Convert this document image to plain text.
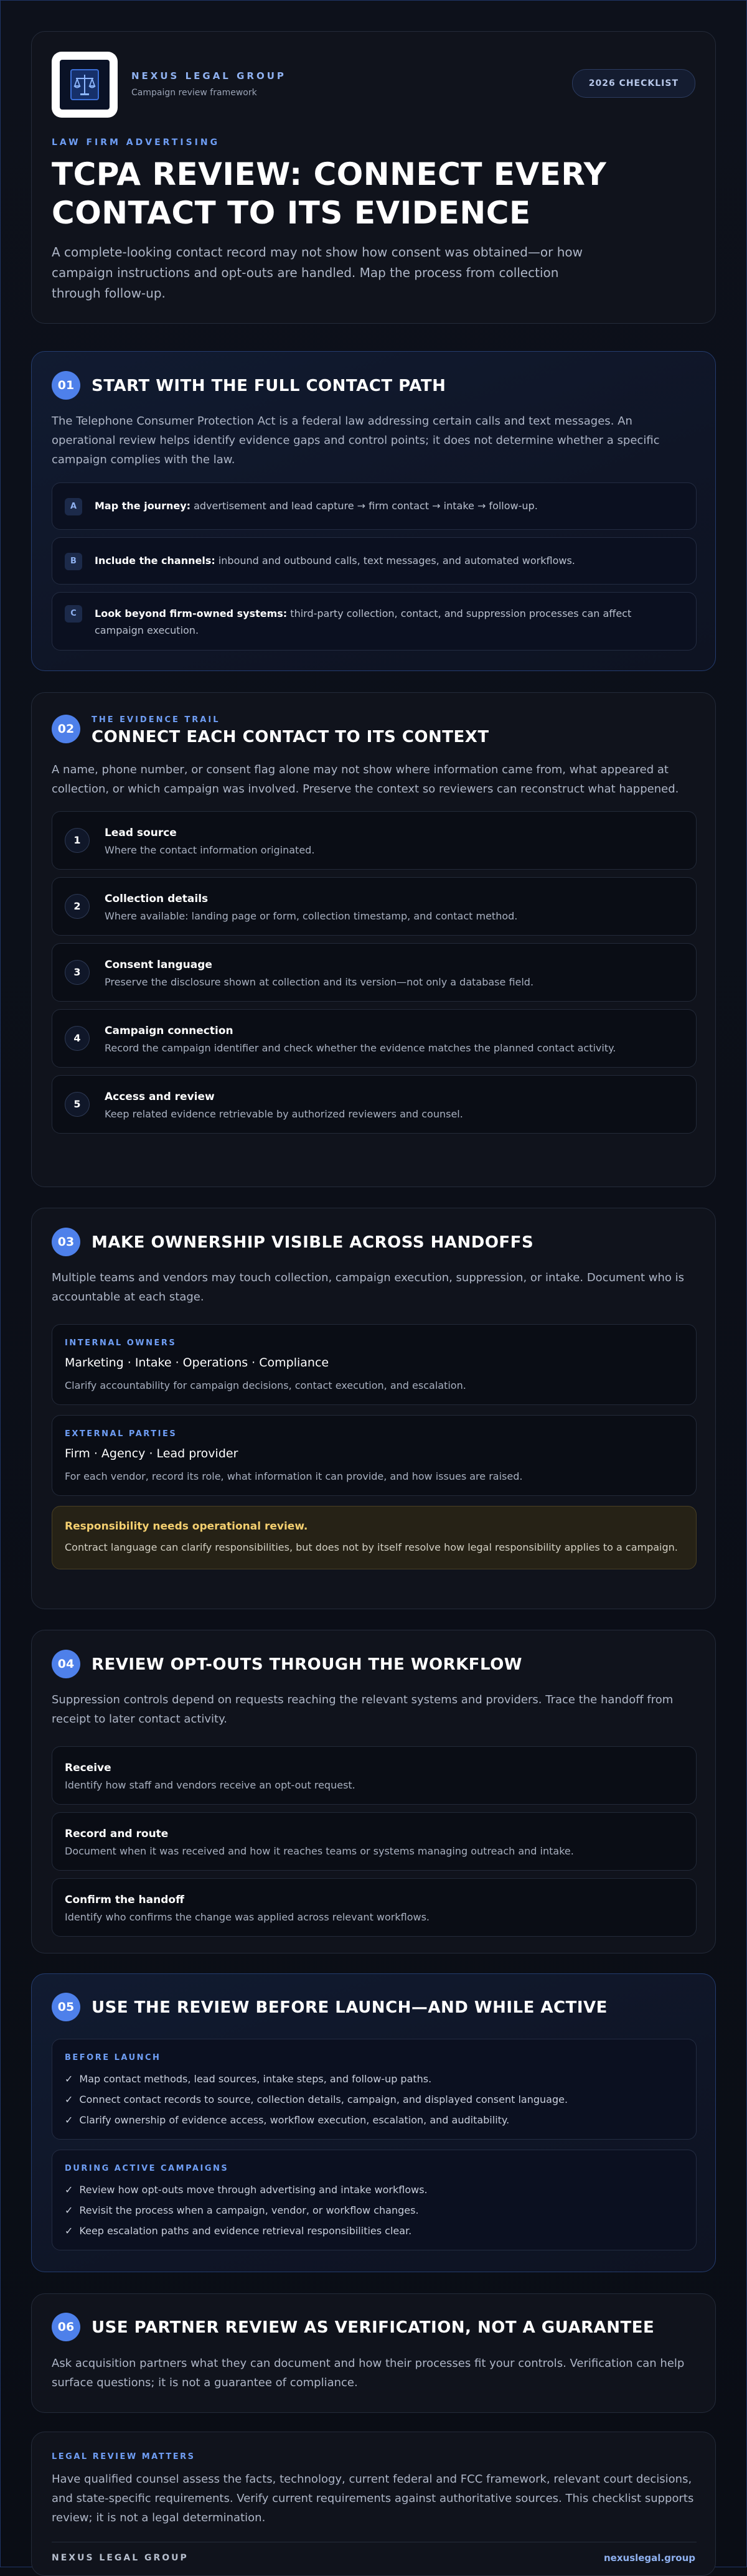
NEXUS LEGAL GROUP
Campaign review framework
2026 CHECKLIST
LAW FIRM ADVERTISING
TCPA REVIEW: CONNECT EVERY
CONTACT TO ITS EVIDENCE
A complete-looking contact record may not show how consent was obtained—or how
campaign instructions and opt-outs are handled. Map the process from collection
through follow-up.
01	START WITH THE FULL CONTACT PATH
The Telephone Consumer Protection Act is a federal law addressing certain calls and text messages. An
operational review helps identify evidence gaps and control points; it does not determine whether a specific
campaign complies with the law.
A	Map the journey: advertisement and lead capture → firm contact → intake → follow-up.
B	Include the channels: inbound and outbound calls, text messages, and automated workflows.
C	Look beyond firm-owned systems: third-party collection, contact, and suppression processes can affect
campaign execution.
02
THE EVIDENCE TRAIL
CONNECT EACH CONTACT TO ITS CONTEXT
A name, phone number, or consent flag alone may not show where information came from, what appeared at
collection, or which campaign was involved. Preserve the context so reviewers can reconstruct what happened.
1
Lead source
Where the contact information originated.
2
Collection details
Where available: landing page or form, collection timestamp, and contact method.
3
Consent language
Preserve the disclosure shown at collection and its version—not only a database field.
4
Campaign connection
Record the campaign identifier and check whether the evidence matches the planned contact activity.
5
Access and review
Keep related evidence retrievable by authorized reviewers and counsel.
03	MAKE OWNERSHIP VISIBLE ACROSS HANDOFFS
Multiple teams and vendors may touch collection, campaign execution, suppression, or intake. Document who is
accountable at each stage.
INTERNAL OWNERS
Marketing · Intake · Operations · Compliance
Clarify accountability for campaign decisions, contact execution, and escalation.
EXTERNAL PARTIES
Firm · Agency · Lead provider
For each vendor, record its role, what information it can provide, and how issues are raised.
Responsibility needs operational review.
Contract language can clarify responsibilities, but does not by itself resolve how legal responsibility applies to a campaign.
04	REVIEW OPT-OUTS THROUGH THE WORKFLOW
Suppression controls depend on requests reaching the relevant systems and providers. Trace the handoff from
receipt to later contact activity.
Receive
Identify how staff and vendors receive an opt-out request.
Record and route
Document when it was received and how it reaches teams or systems managing outreach and intake.
Confirm the handoff
Identify who confirms the change was applied across relevant workflows.
05	USE THE REVIEW BEFORE LAUNCH—AND WHILE ACTIVE
BEFORE LAUNCH
✓ Map contact methods, lead sources, intake steps, and follow-up paths.
✓ Connect contact records to source, collection details, campaign, and displayed consent language.
✓ Clarify ownership of evidence access, workflow execution, escalation, and auditability.
DURING ACTIVE CAMPAIGNS
✓ Review how opt-outs move through advertising and intake workflows.
✓ Revisit the process when a campaign, vendor, or workflow changes.
✓ Keep escalation paths and evidence retrieval responsibilities clear.
06	USE PARTNER REVIEW AS VERIFICATION, NOT A GUARANTEE
Ask acquisition partners what they can document and how their processes fit your controls. Verification can help
surface questions; it is not a guarantee of compliance.
LEGAL REVIEW MATTERS
Have qualified counsel assess the facts, technology, current federal and FCC framework, relevant court decisions,
and state-specific requirements. Verify current requirements against authoritative sources. This checklist supports
review; it is not a legal determination.
NEXUS LEGAL GROUP	nexuslegal.group
